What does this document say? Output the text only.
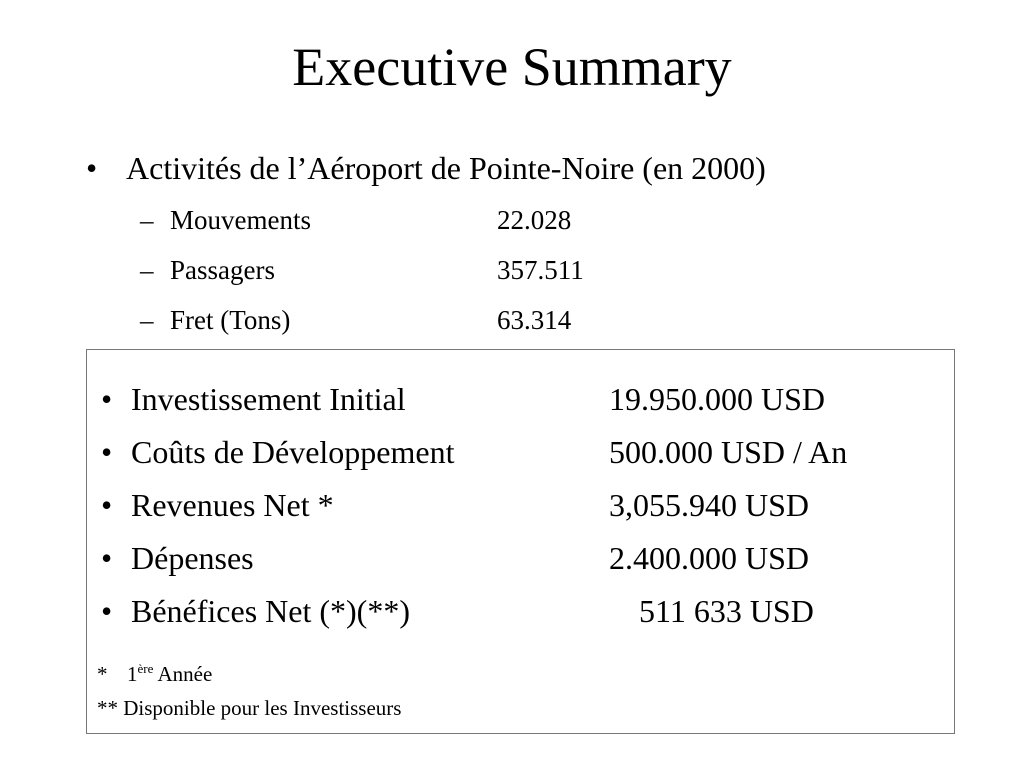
Executive Summary
• Activités de l’Aéroport de Pointe-Noire (en 2000)
– Mouvements	22.028
– Passagers	357.511
– Fret (Tons)	63.314
• Investissement Initial	19.950.000 USD
• Coûts de Développement	500.000 USD / An
• Revenues Net *	3,055.940 USD
• Dépenses	2.400.000 USD
• Bénéfices Net (*)(**)	511 633 USD
* 1ère Année
** Disponible pour les Investisseurs
